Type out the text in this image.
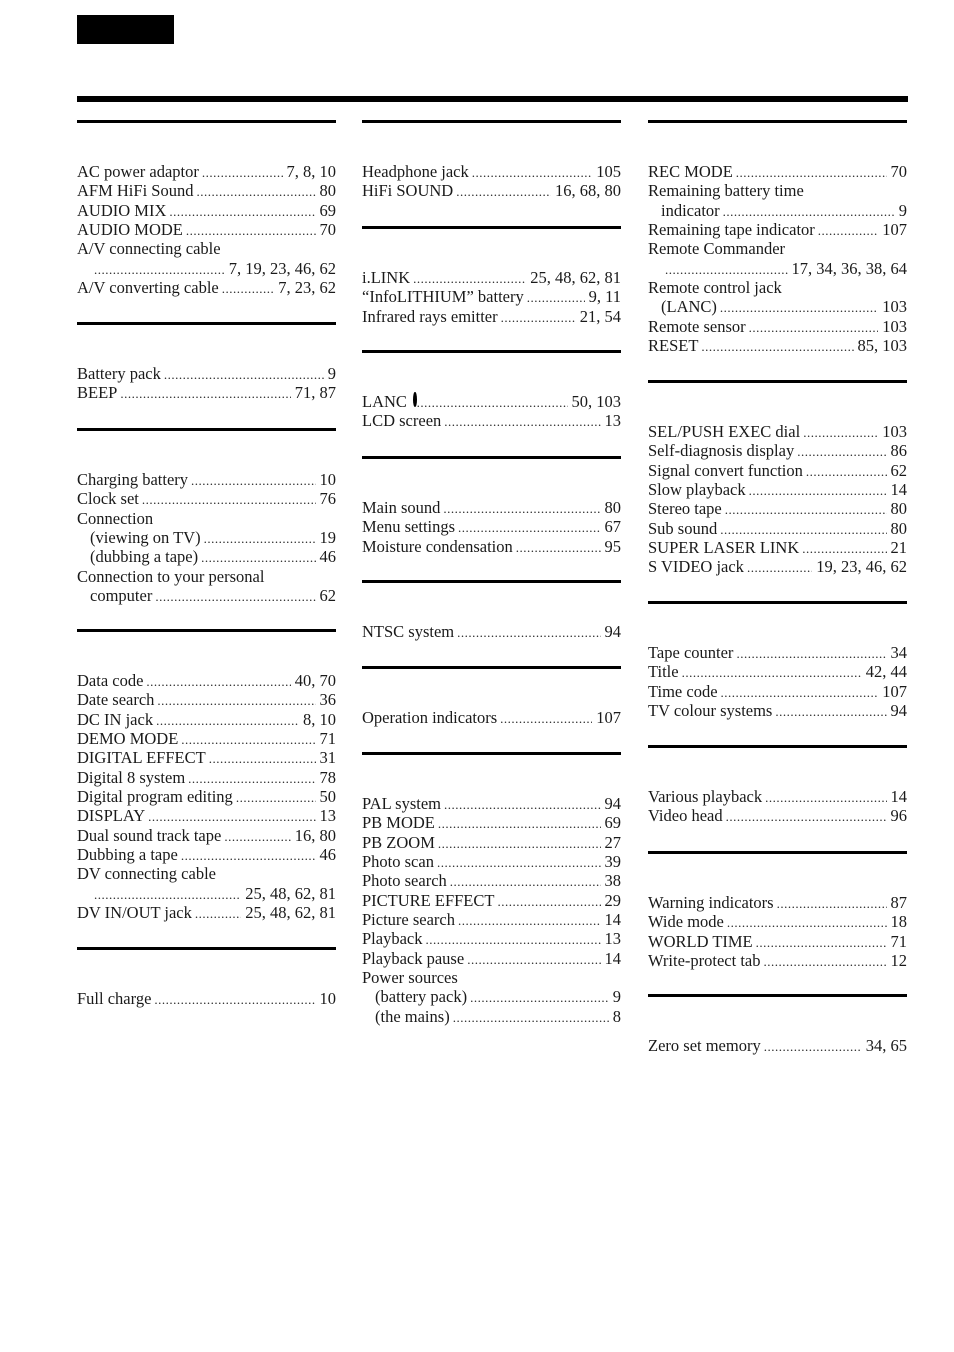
AC power adaptor .....	7, 8, 10
AFM HiFi Sound .....	80
AUDIO MIX .....	69
AUDIO MODE .....	70
A/V connecting cable
.....
7, 19, 23, 46, 62
A/V converting cable .....	7, 23, 62
Battery pack .....	9
BEEP .....	71, 87
Charging battery .....	10
Clock set .....	76
Connection
(viewing on TV) .....	19
(dubbing a tape) .....	46
Connection to your personal
computer .....	62
Data code .....	40, 70
Date search .....	36
DC IN jack .....	8, 10
DEMO MODE .....	71
DIGITAL EFFECT .....	31
Digital 8 system .....	78
Digital program editing .....	50
DISPLAY .....	13
Dual sound track tape .....	16, 80
Dubbing a tape .....	46
DV connecting cable
.....
25, 48, 62, 81
DV IN/OUT jack .....	25, 48, 62, 81
Full charge .....	10
Headphone jack .....	105
HiFi SOUND .....	16, 68, 80
i.LINK .....	25, 48, 62, 81
“InfoLITHIUM” battery .....	9, 11
Infrared rays emitter .....	21, 54
LANC .....	50, 103
LCD screen .....	13
Main sound .....	80
Menu settings .....	67
Moisture condensation .....	95
NTSC system .....	94
Operation indicators .....	107
PAL system .....	94
PB MODE .....	69
PB ZOOM .....	27
Photo scan .....	39
Photo search .....	38
PICTURE EFFECT .....	29
Picture search .....	14
Playback .....	13
Playback pause .....	14
Power sources
(battery pack) .....	9
(the mains) .....	8
REC MODE .....	70
Remaining battery time
indicator .....	9
Remaining tape indicator .....	107
Remote Commander
.....
17, 34, 36, 38, 64
Remote control jack
(LANC) .....	103
Remote sensor .....	103
RESET .....	85, 103
SEL/PUSH EXEC dial .....	103
Self-diagnosis display .....	86
Signal convert function .....	62
Slow playback .....	14
Stereo tape .....	80
Sub sound .....	80
SUPER LASER LINK .....	21
S VIDEO jack .....	19, 23, 46, 62
Tape counter .....	34
Title .....	42, 44
Time code .....	107
TV colour systems .....	94
Various playback .....	14
Video head .....	96
Warning indicators .....	87
Wide mode .....	18
WORLD TIME .....	71
Write-protect tab .....	12
Zero set memory .....	34, 65
